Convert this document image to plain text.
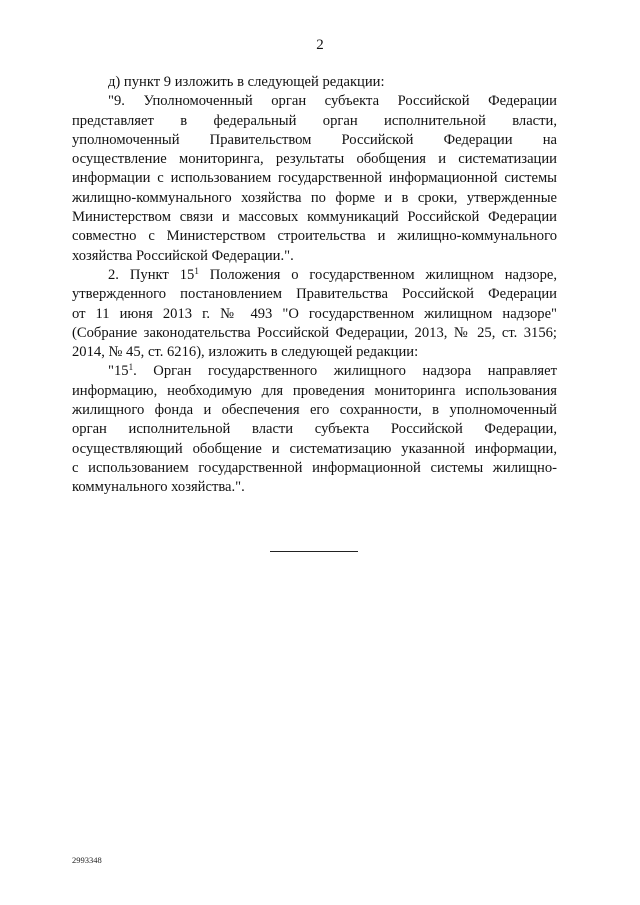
2

д) пункт 9 изложить в следующей редакции:

"9. Уполномоченный орган субъекта Российской Федерации
представляет в федеральный орган исполнительной власти,
уполномоченный Правительством Российской Федерации на
осуществление мониторинга, результаты обобщения и систематизации
информации с использованием государственной информационной системы
жилищно-коммунального хозяйства по форме и в сроки, утвержденные
Министерством связи и массовых коммуникаций Российской Федерации
совместно с Министерством строительства и жилищно-коммунального
хозяйства Российской Федерации.".

2. Пункт $15^1$ Положения о государственном жилищном надзоре,
утвержденного постановлением Правительства Российской Федерации
от 11 июня 2013 г. № 493 "О государственном жилищном надзоре"
(Собрание законодательства Российской Федерации, 2013, № 25, ст. 3156;
2014, № 45, ст. 6216), изложить в следующей редакции:

"$15^1$. Орган государственного жилищного надзора направляет
информацию, необходимую для проведения мониторинга использования
жилищного фонда и обеспечения его сохранности, в уполномоченный
орган исполнительной власти субъекта Российской Федерации,
осуществляющий обобщение и систематизацию указанной информации,
с использованием государственной информационной системы жилищно-
коммунального хозяйства.".

2993348
